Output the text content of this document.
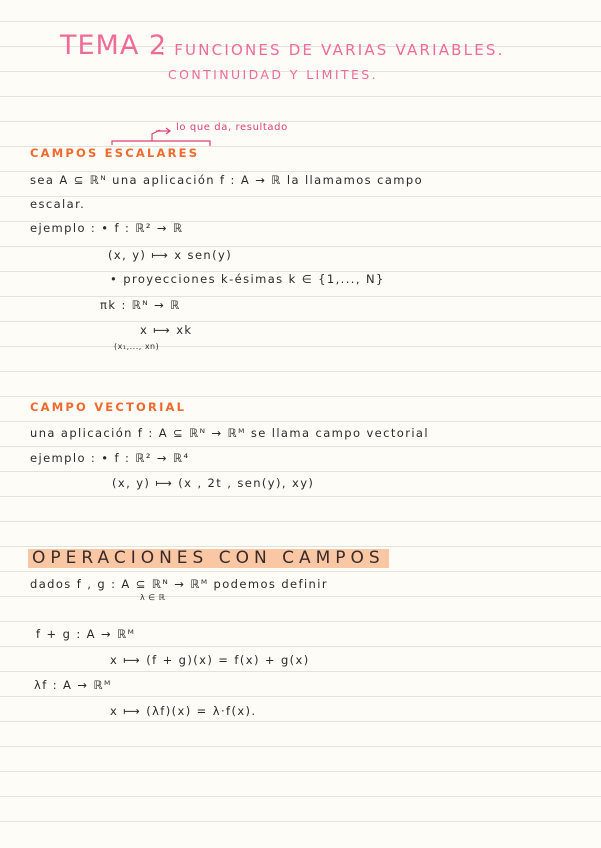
TEMA 2
: FUNCIONES DE VARIAS VARIABLES.
CONTINUIDAD Y LIMITES.
lo que da, resultado
CAMPOS ESCALARES
sea A ⊆ ℝᴺ una aplicación f : A → ℝ la llamamos campo
escalar.
ejemplo : • f : ℝ² → ℝ
(x, y) ⟼ x sen(y)
• proyecciones k-ésimas k ∈ {1,..., N}
πk : ℝᴺ → ℝ
x ⟼ xk
(x₁,..., xn)
CAMPO VECTORIAL
una aplicación f : A ⊆ ℝᴺ → ℝᴹ se llama campo vectorial
ejemplo : • f : ℝ² → ℝ⁴
(x, y) ⟼ (x , 2t , sen(y), xy)
OPERACIONES CON CAMPOS
dados f , g : A ⊆ ℝᴺ → ℝᴹ podemos definir
λ ∈ ℝ
f + g : A → ℝᴹ
x ⟼ (f + g)(x) = f(x) + g(x)
λf : A → ℝᴹ
x ⟼ (λf)(x) = λ·f(x).
